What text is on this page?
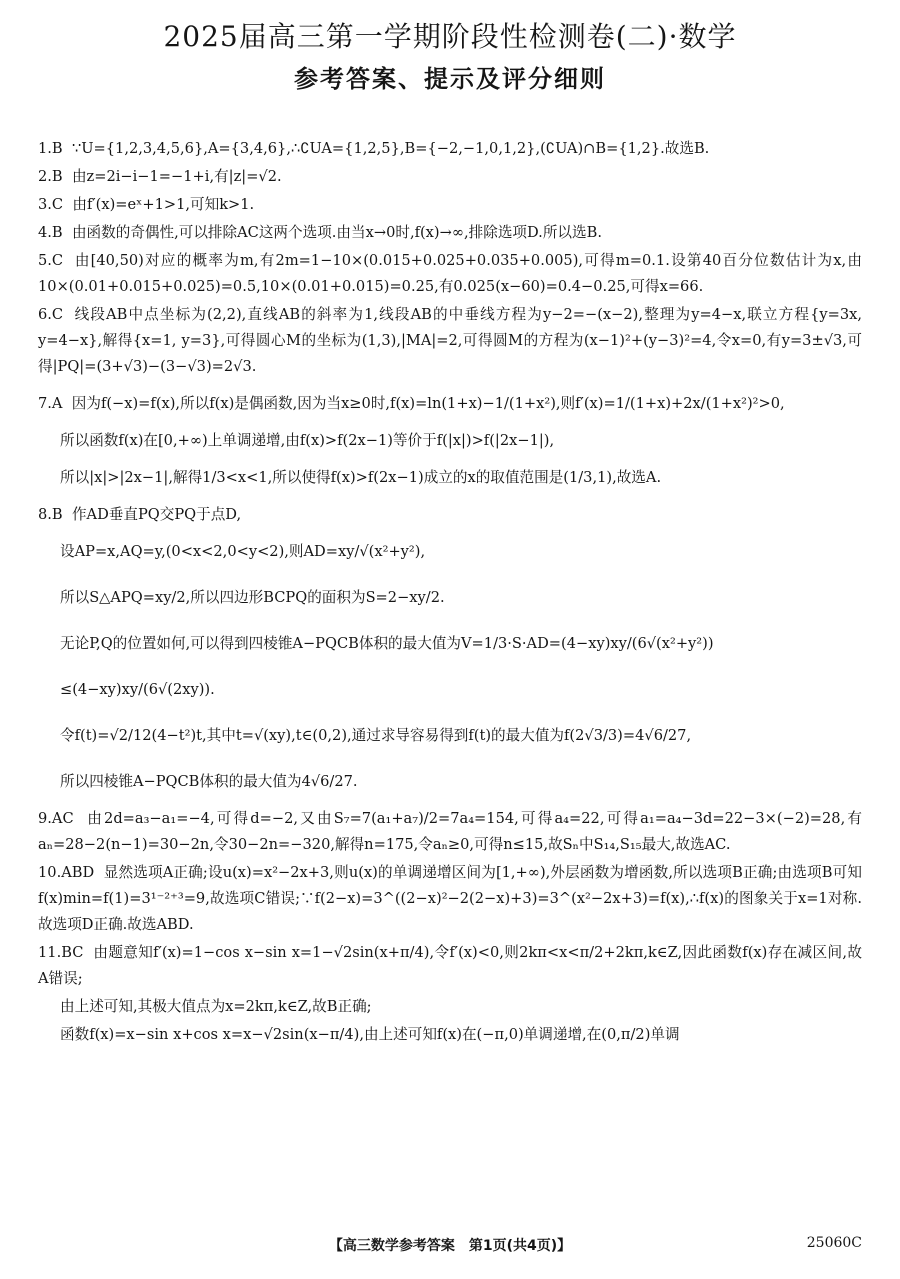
2025届高三第一学期阶段性检测卷(二)·数学
参考答案、提示及评分细则

1.B ∵U={1,2,3,4,5,6},A={3,4,6},∴∁UA={1,2,5},B={−2,−1,0,1,2},(∁UA)∩B={1,2}.故选B.

2.B 由z=2i−i−1=−1+i,有|z|=√2.

3.C 由f′(x)=eˣ+1>1,可知k>1.

4.B 由函数的奇偶性,可以排除AC这两个选项.由当x→0时,f(x)→∞,排除选项D.所以选B.

5.C 由[40,50)对应的概率为m,有2m=1−10×(0.015+0.025+0.035+0.005),可得m=0.1.设第40百分位数估计为x,由10×(0.01+0.015+0.025)=0.5,10×(0.01+0.015)=0.25,有0.025(x−60)=0.4−0.25,可得x=66.

6.C 线段AB中点坐标为(2,2),直线AB的斜率为1,线段AB的中垂线方程为y−2=−(x−2),整理为y=4−x,联立方程{y=3x, y=4−x},解得{x=1, y=3},可得圆心M的坐标为(1,3),|MA|=2,可得圆M的方程为(x−1)²+(y−3)²=4,令x=0,有y=3±√3,可得|PQ|=(3+√3)−(3−√3)=2√3.

7.A 因为f(−x)=f(x),所以f(x)是偶函数,因为当x≥0时,f(x)=ln(1+x)−1/(1+x²),则f′(x)=1/(1+x)+2x/(1+x²)²>0,

所以函数f(x)在[0,+∞)上单调递增,由f(x)>f(2x−1)等价于f(|x|)>f(|2x−1|),

所以|x|>|2x−1|,解得1/3<x<1,所以使得f(x)>f(2x−1)成立的x的取值范围是(1/3,1),故选A.

8.B 作AD垂直PQ交PQ于点D,

设AP=x,AQ=y,(0<x<2,0<y<2),则AD=xy/√(x²+y²),

所以S△APQ=xy/2,所以四边形BCPQ的面积为S=2−xy/2.

无论P,Q的位置如何,可以得到四棱锥A−PQCB体积的最大值为V=1/3·S·AD=(4−xy)xy/(6√(x²+y²))

≤(4−xy)xy/(6√(2xy)).

令f(t)=√2/12(4−t²)t,其中t=√(xy),t∈(0,2),通过求导容易得到f(t)的最大值为f(2√3/3)=4√6/27,

所以四棱锥A−PQCB体积的最大值为4√6/27.

9.AC 由2d=a₃−a₁=−4,可得d=−2,又由S₇=7(a₁+a₇)/2=7a₄=154,可得a₄=22,可得a₁=a₄−3d=22−3×(−2)=28,有aₙ=28−2(n−1)=30−2n,令30−2n=−320,解得n=175,令aₙ≥0,可得n≤15,故Sₙ中S₁₄,S₁₅最大,故选AC.

10.ABD 显然选项A正确;设u(x)=x²−2x+3,则u(x)的单调递增区间为[1,+∞),外层函数为增函数,所以选项B正确;由选项B可知f(x)min=f(1)=3¹⁻²⁺³=9,故选项C错误;∵f(2−x)=3^((2−x)²−2(2−x)+3)=3^(x²−2x+3)=f(x),∴f(x)的图象关于x=1对称.故选项D正确.故选ABD.

11.BC 由题意知f′(x)=1−cos x−sin x=1−√2sin(x+π/4),令f′(x)<0,则2kπ<x<π/2+2kπ,k∈Z,因此函数f(x)存在减区间,故A错误;

由上述可知,其极大值点为x=2kπ,k∈Z,故B正确;

函数f(x)=x−sin x+cos x=x−√2sin(x−π/4),由上述可知f(x)在(−π,0)单调递增,在(0,π/2)单调

【高三数学参考答案　第1页(共4页)】	25060C
